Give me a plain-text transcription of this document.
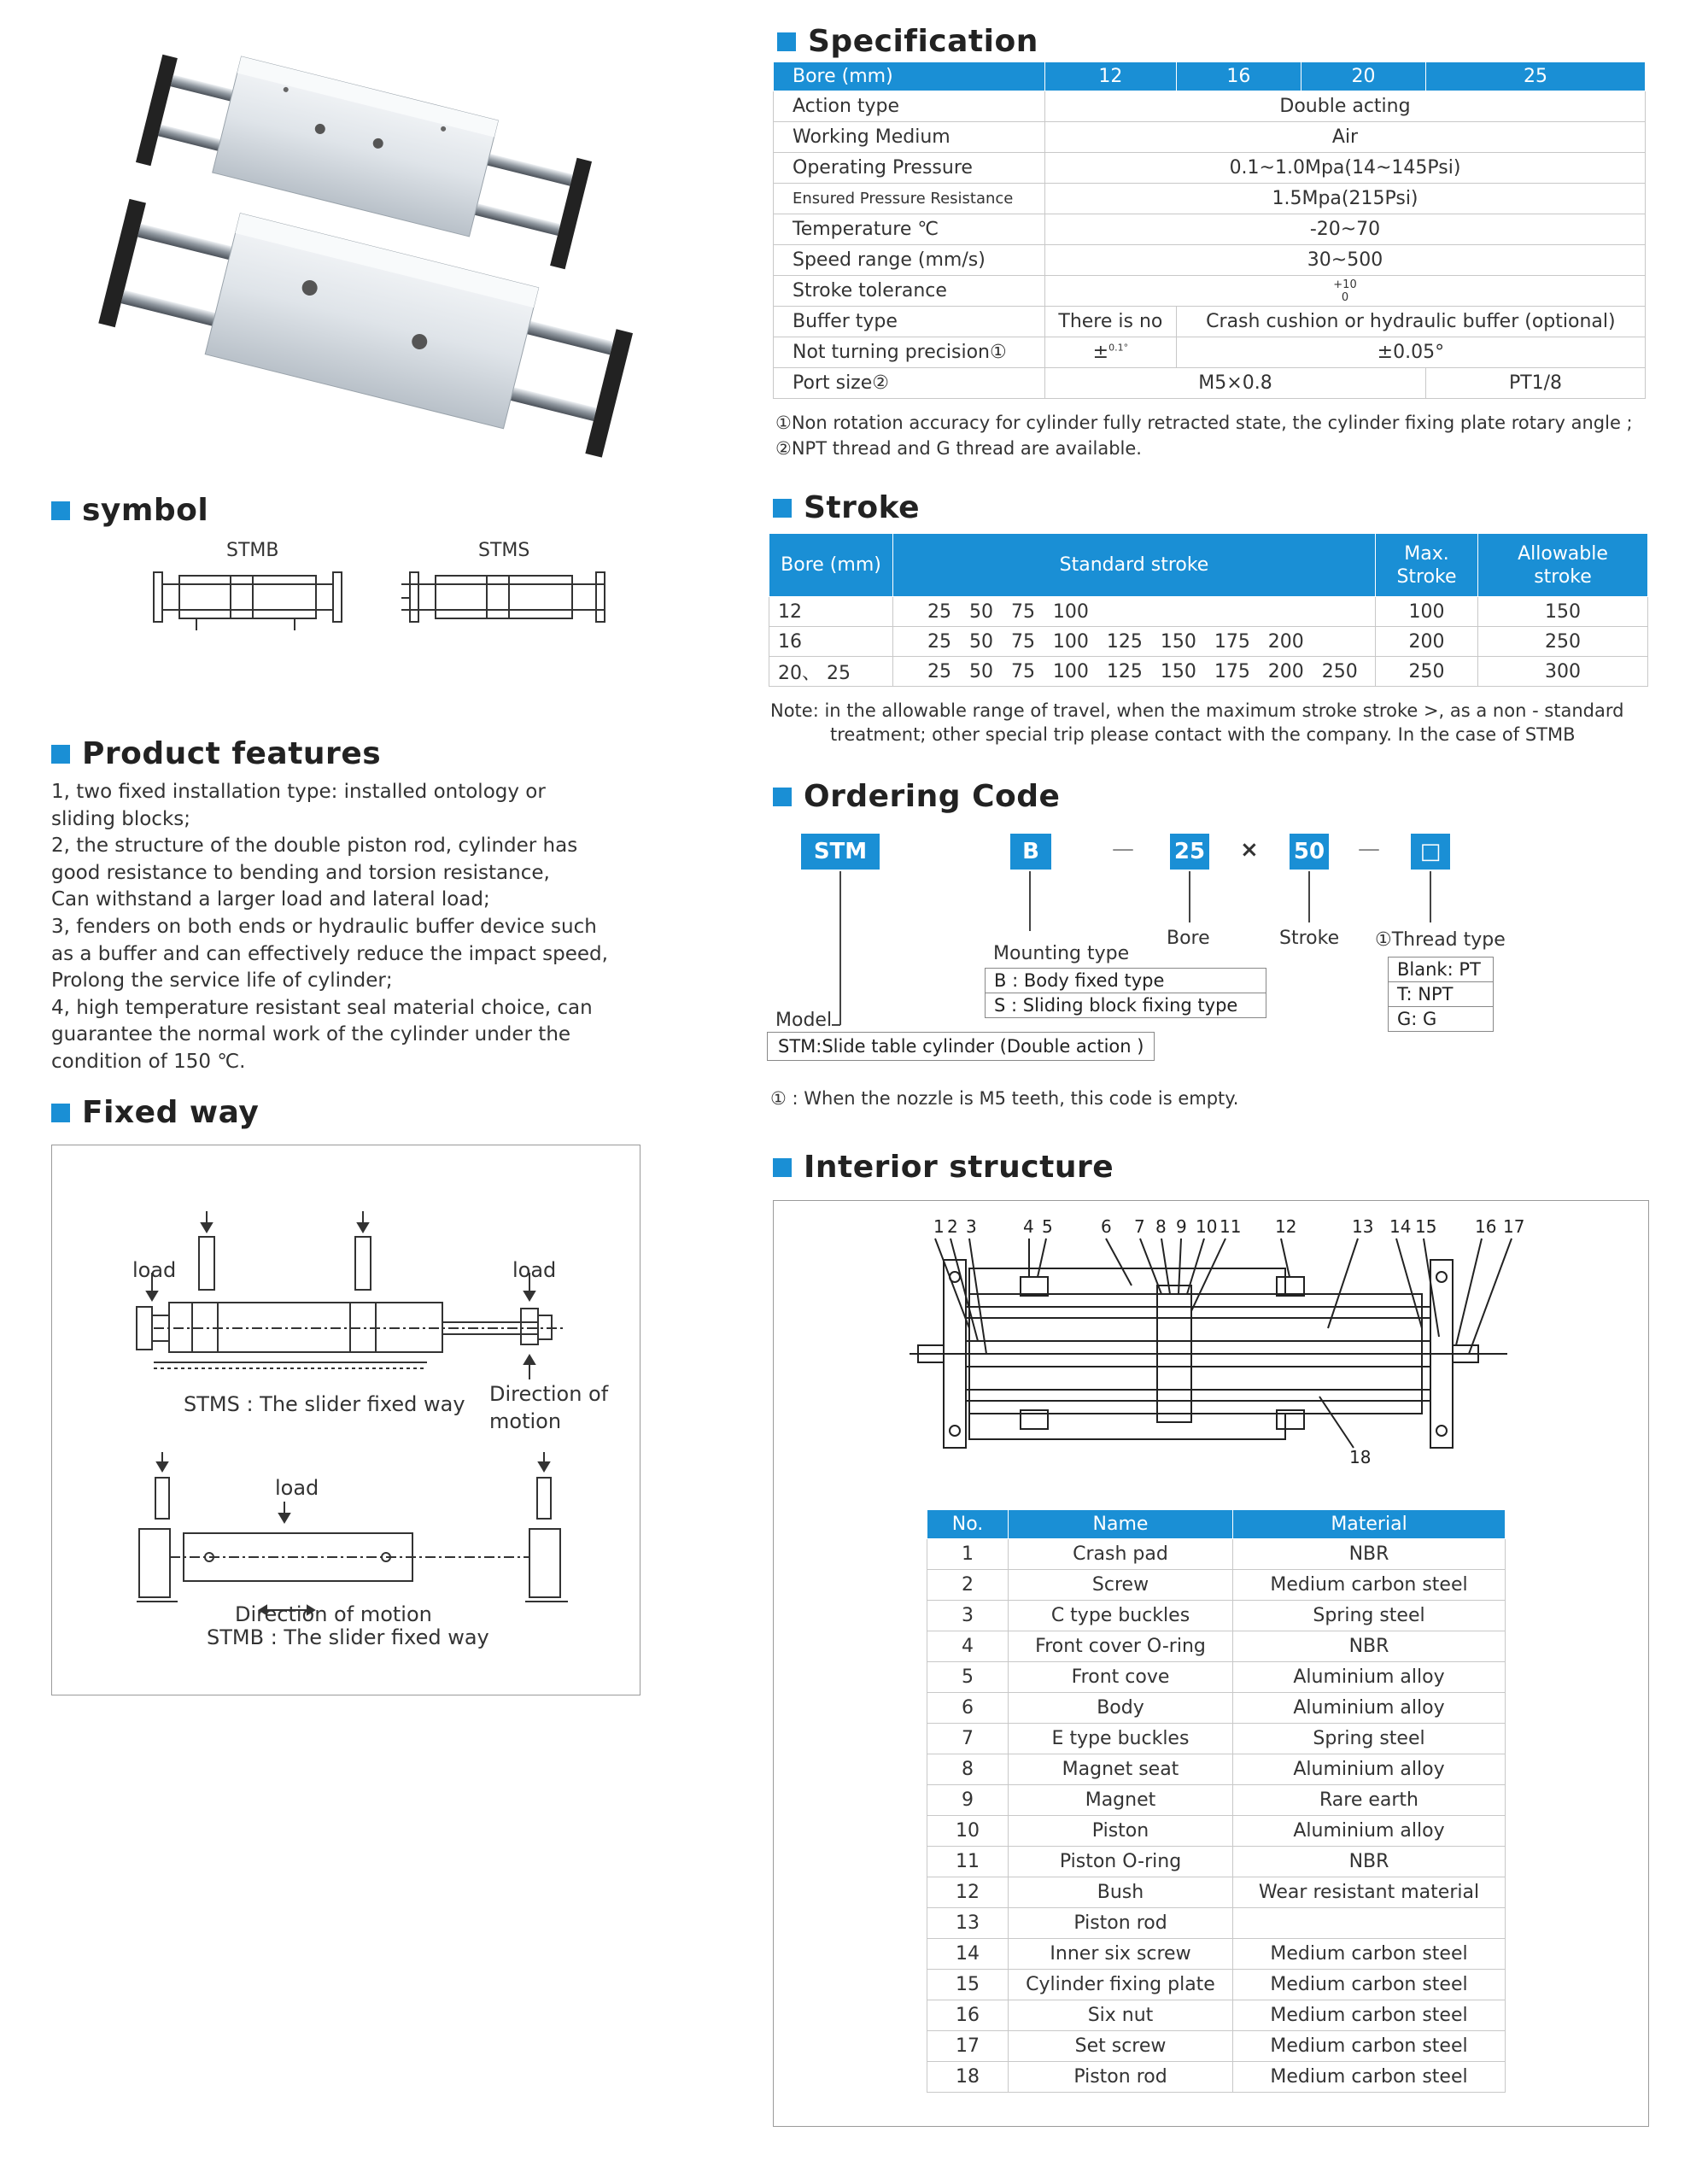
symbol
STMB	STMS
Product features
1, two fixed installation type: installed ontology or
sliding blocks;
2, the structure of the double piston rod, cylinder has
good resistance to bending and torsion resistance,
Can withstand a larger load and lateral load;
3, fenders on both ends or hydraulic buffer device such
as a buffer and can effectively reduce the impact speed,
Prolong the service life of cylinder;
4, high temperature resistant seal material choice, can
guarantee the normal work of the cylinder under the
condition of 150 ℃.
Fixed way
load	load
STMS : The slider fixed way Direction of
motion
load
Direction of motion
STMB : The slider fixed way
Specification
Bore (mm)	12	16	20	25
Action type	Double acting			
Working Medium	Air			
Operating Pressure	0.1~1.0Mpa(14~145Psi)			
Ensured Pressure Resistance	1.5Mpa(215Psi)			
Temperature ℃	-20~70			
Speed range (mm/s)	30~500			
Stroke tolerance	+10
0			

Buffer type	There is no	Crash cushion or hydraulic buffer (optional)		
Not turning precision①	±$^{0.1^\circ}$	±0.05°		
Port size②	M5×0.8			PT1/8
①Non rotation accuracy for cylinder fully retracted state, the cylinder fixing plate rotary angle ;
②NPT thread and G thread are available.
Stroke
Bore (mm)	Standard stroke	Max. Stroke	Allowable stroke
12	25   50   75   100	100	150
16	25   50   75   100   125   150   175   200	200	250
20、 25	25   50   75   100   125   150   175   200   250	250	300
Note: in the allowable range of travel, when the maximum stroke stroke >, as a non - standard
treatment; other special trip please contact with the company. In the case of STMB
Ordering Code
STM	B	— 25 × 50 —	□
Mounting type
B : Body fixed type
S : Sliding block fixing type
Bore	Stroke ①Thread type
Blank: PT
T: NPT
G: G
Model
STM:Slide table cylinder (Double action )
① : When the nozzle is M5 teeth, this code is empty.
Interior structure
1 2 3	4 5	6 7 8 9 10 11 12	13 14 15 16 17
18
No.	Name	Material
1	Crash pad	NBR
2	Screw	Medium carbon steel
3	C type buckles	Spring steel
4	Front cover O-ring	NBR
5	Front cove	Aluminium alloy
6	Body	Aluminium alloy
7	E type buckles	Spring steel
8	Magnet seat	Aluminium alloy
9	Magnet	Rare earth
10	Piston	Aluminium alloy
11	Piston O-ring	NBR
12	Bush	Wear resistant material
13	Piston rod	
14	Inner six screw	Medium carbon steel
15	Cylinder fixing plate	Medium carbon steel
16	Six nut	Medium carbon steel
17	Set screw	Medium carbon steel
18	Piston rod	Medium carbon steel
